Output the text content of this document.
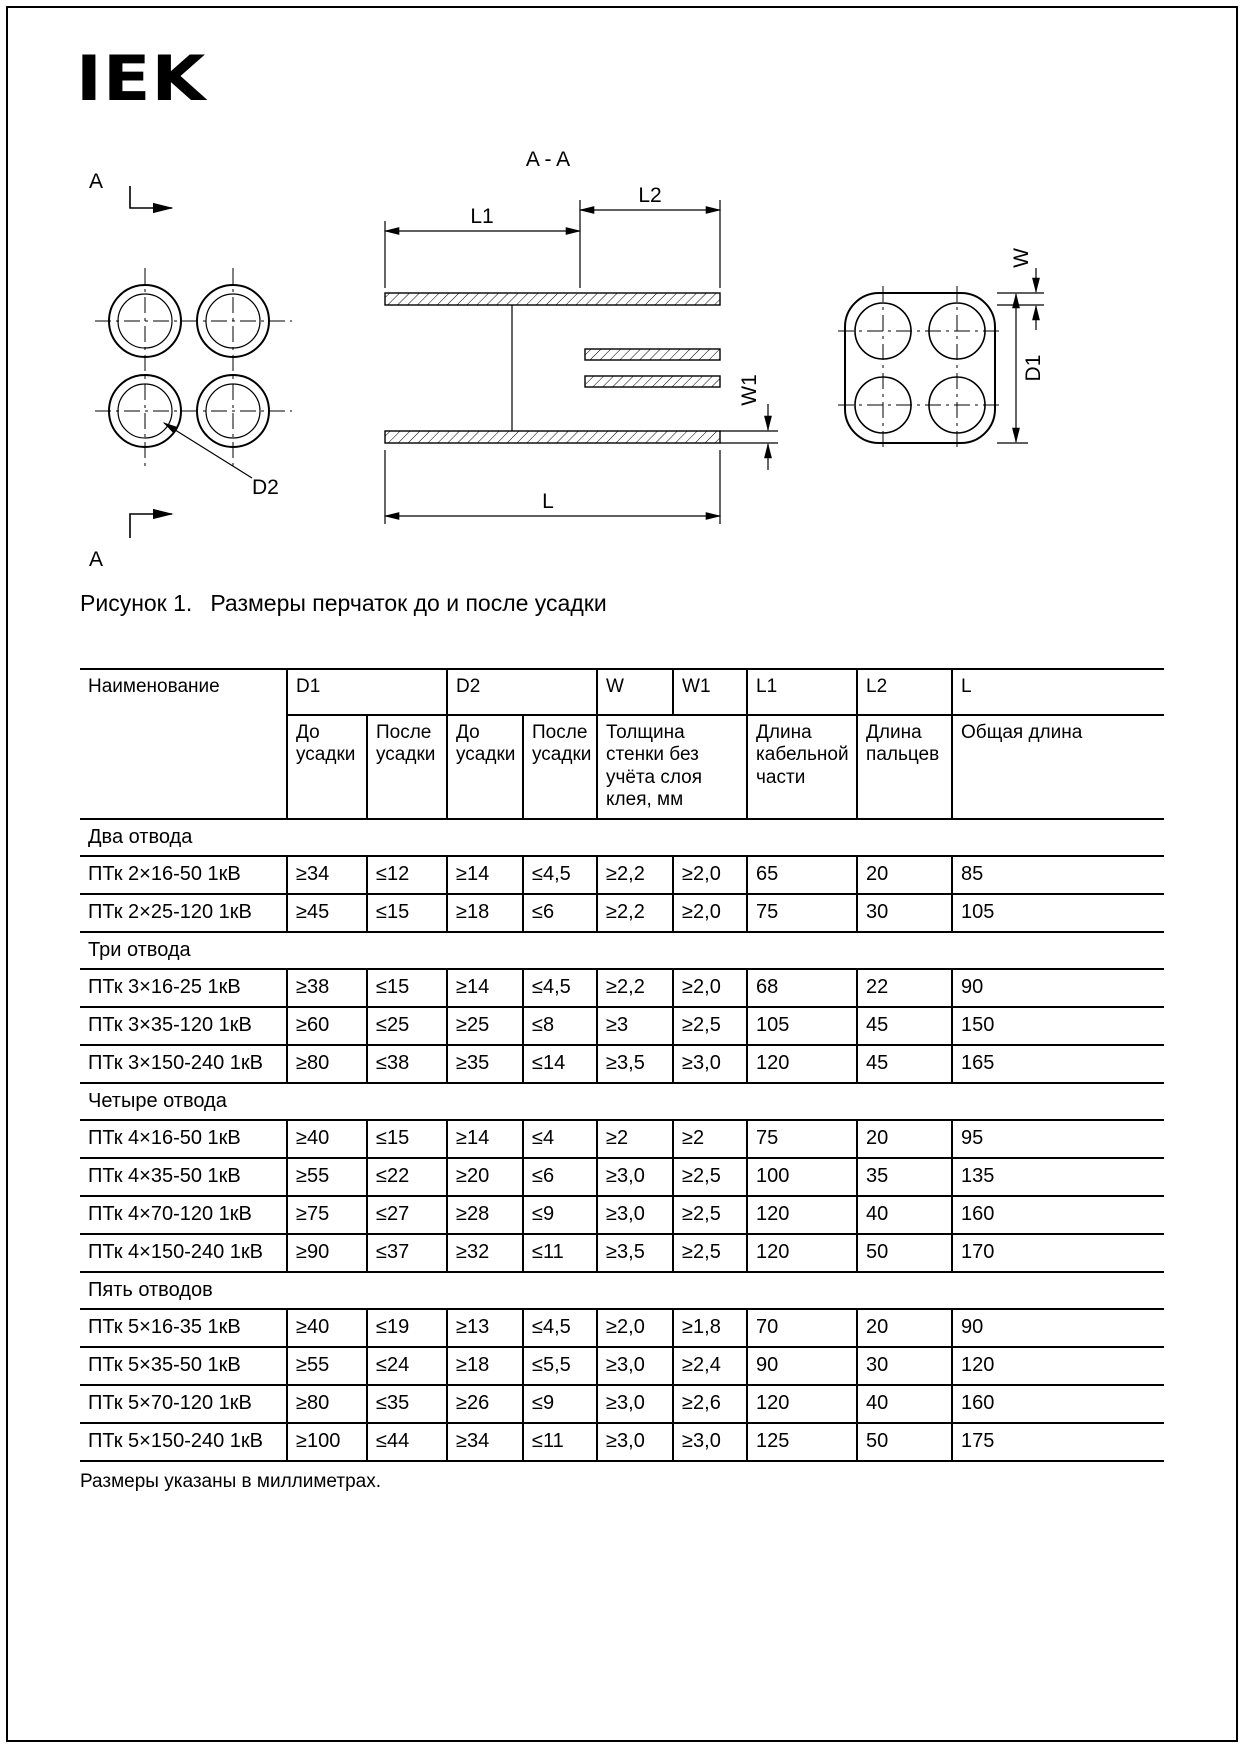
IEK
D2
A
A
A - A
L1
L2
L
W1
W
D1
Рисунок 1. Размеры перчаток до и после усадки
Наименование	D1		D2		W	W1	L1	L2	L
	До усадки	После усадки	До усадки	После усадки	Толщина стенки без учёта слоя клея, мм		Длина кабельной части	Длина пальцев	Общая длина
Два отвода									
ПТк 2×16-50 1кВ	≥34	≤12	≥14	≤4,5	≥2,2	≥2,0	65	20	85
ПТк 2×25-120 1кВ	≥45	≤15	≥18	≤6	≥2,2	≥2,0	75	30	105
Три отвода									
ПТк 3×16-25 1кВ	≥38	≤15	≥14	≤4,5	≥2,2	≥2,0	68	22	90
ПТк 3×35-120 1кВ	≥60	≤25	≥25	≤8	≥3	≥2,5	105	45	150
ПТк 3×150-240 1кВ	≥80	≤38	≥35	≤14	≥3,5	≥3,0	120	45	165
Четыре отвода									
ПТк 4×16-50 1кВ	≥40	≤15	≥14	≤4	≥2	≥2	75	20	95
ПТк 4×35-50 1кВ	≥55	≤22	≥20	≤6	≥3,0	≥2,5	100	35	135
ПТк 4×70-120 1кВ	≥75	≤27	≥28	≤9	≥3,0	≥2,5	120	40	160
ПТк 4×150-240 1кВ	≥90	≤37	≥32	≤11	≥3,5	≥2,5	120	50	170
Пять отводов									
ПТк 5×16-35 1кВ	≥40	≤19	≥13	≤4,5	≥2,0	≥1,8	70	20	90
ПТк 5×35-50 1кВ	≥55	≤24	≥18	≤5,5	≥3,0	≥2,4	90	30	120
ПТк 5×70-120 1кВ	≥80	≤35	≥26	≤9	≥3,0	≥2,6	120	40	160
ПТк 5×150-240 1кВ	≥100	≤44	≥34	≤11	≥3,0	≥3,0	125	50	175
Размеры указаны в миллиметрах.
